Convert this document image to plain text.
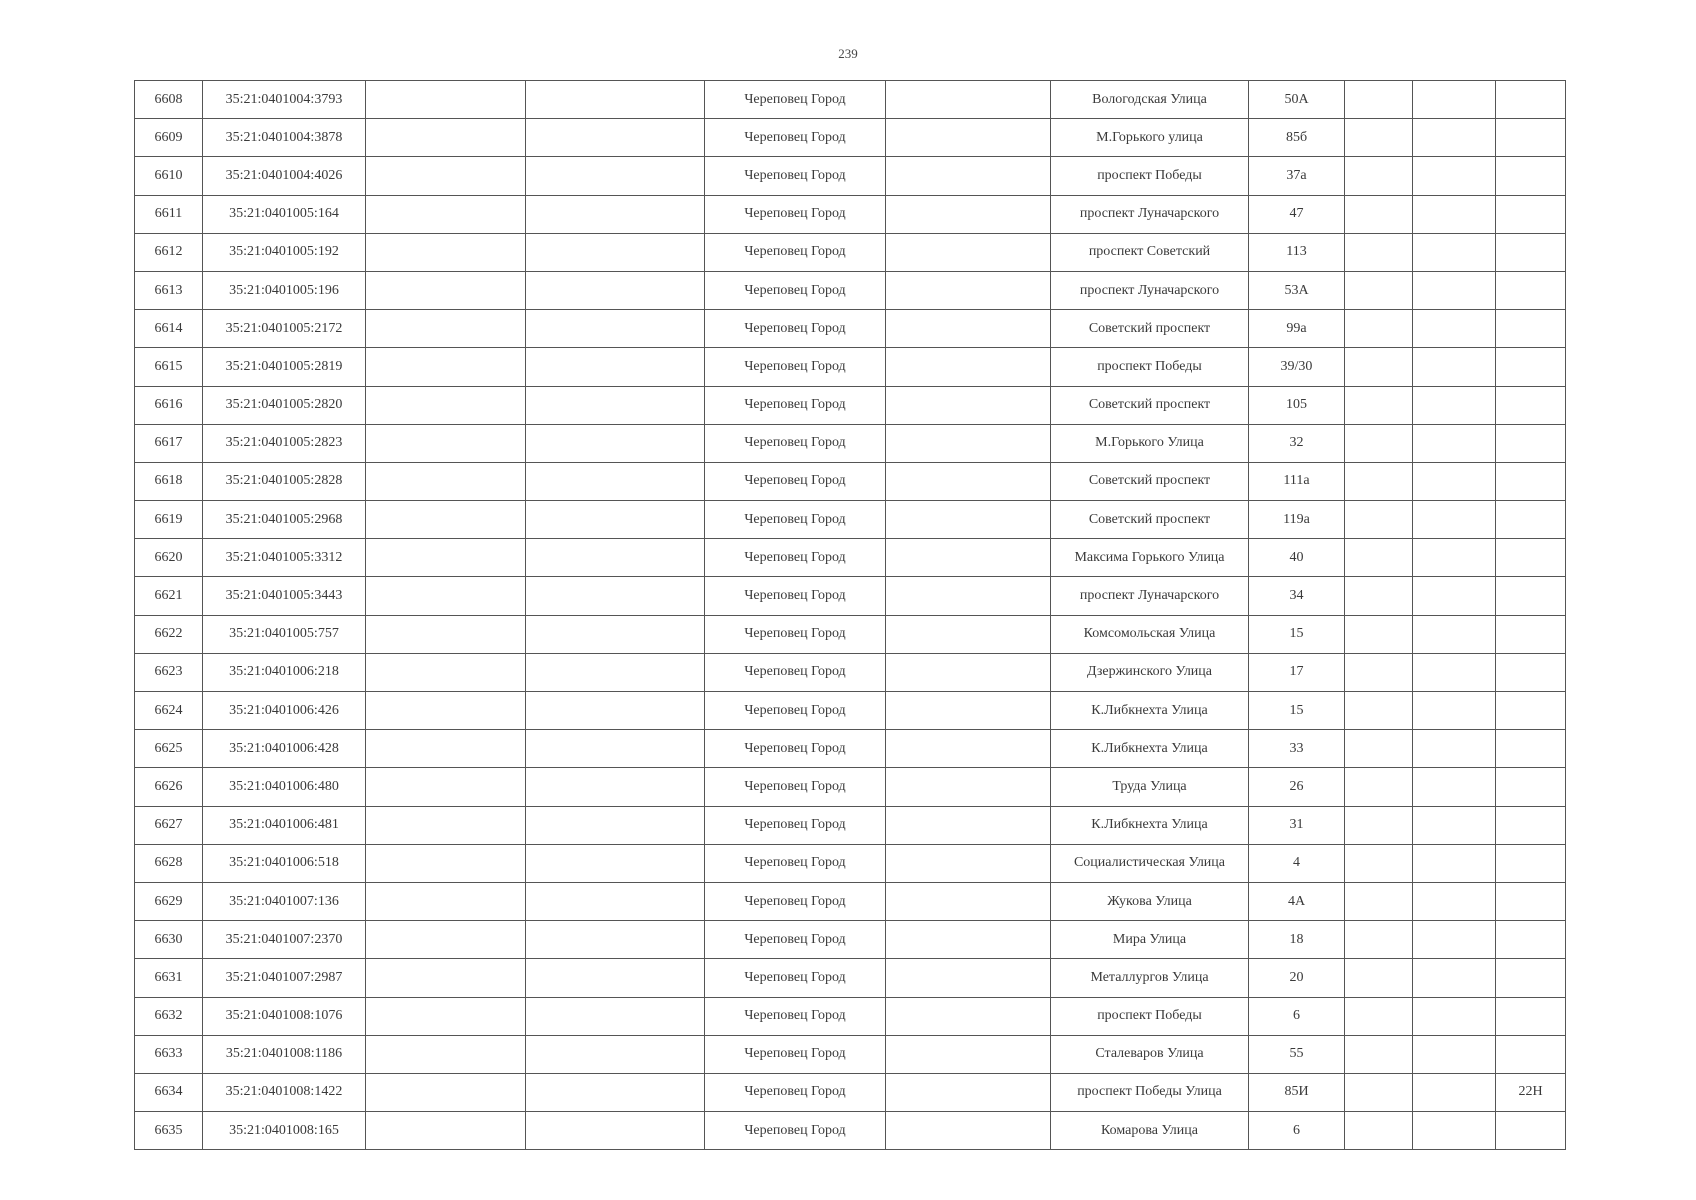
239
6608	35:21:0401004:3793			Череповец Город		Вологодская Улица	50А			
6609	35:21:0401004:3878			Череповец Город		М.Горького улица	85б			
6610	35:21:0401004:4026			Череповец Город		проспект Победы	37а			
6611	35:21:0401005:164			Череповец Город		проспект Луначарского	47			
6612	35:21:0401005:192			Череповец Город		проспект Советский	113			
6613	35:21:0401005:196			Череповец Город		проспект Луначарского	53А			
6614	35:21:0401005:2172			Череповец Город		Советский проспект	99а			
6615	35:21:0401005:2819			Череповец Город		проспект Победы	39/30			
6616	35:21:0401005:2820			Череповец Город		Советский проспект	105			
6617	35:21:0401005:2823			Череповец Город		М.Горького Улица	32			
6618	35:21:0401005:2828			Череповец Город		Советский проспект	111а			
6619	35:21:0401005:2968			Череповец Город		Советский проспект	119а			
6620	35:21:0401005:3312			Череповец Город		Максима Горького Улица	40			
6621	35:21:0401005:3443			Череповец Город		проспект Луначарского	34			
6622	35:21:0401005:757			Череповец Город		Комсомольская Улица	15			
6623	35:21:0401006:218			Череповец Город		Дзержинского Улица	17			
6624	35:21:0401006:426			Череповец Город		К.Либкнехта Улица	15			
6625	35:21:0401006:428			Череповец Город		К.Либкнехта Улица	33			
6626	35:21:0401006:480			Череповец Город		Труда Улица	26			
6627	35:21:0401006:481			Череповец Город		К.Либкнехта Улица	31			
6628	35:21:0401006:518			Череповец Город		Социалистическая Улица	4			
6629	35:21:0401007:136			Череповец Город		Жукова Улица	4А			
6630	35:21:0401007:2370			Череповец Город		Мира Улица	18			
6631	35:21:0401007:2987			Череповец Город		Металлургов Улица	20			
6632	35:21:0401008:1076			Череповец Город		проспект Победы	6			
6633	35:21:0401008:1186			Череповец Город		Сталеваров Улица	55			
6634	35:21:0401008:1422			Череповец Город		проспект Победы Улица	85И			22Н
6635	35:21:0401008:165			Череповец Город		Комарова Улица	6			
